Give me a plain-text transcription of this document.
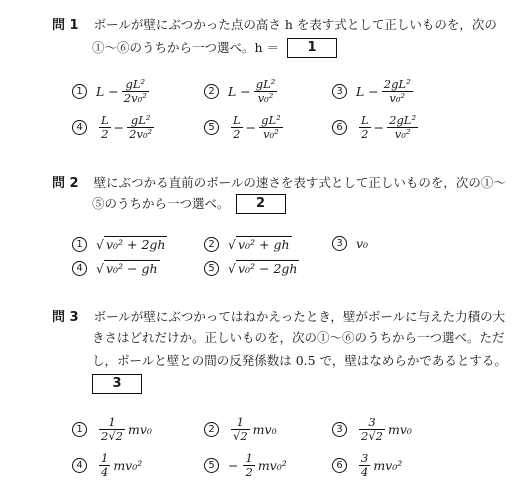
問 1 ボールが壁にぶつかった点の高さ h を表す式として正しいものを，次の
①〜⑥のうちから一つ選べ。h ＝	1
1	$L - \frac{\text{gL²}}{\text{2v₀²}}$	2	$L - \frac{\text{gL²}}{\text{v₀²}}$	3	$L - \frac{\text{2gL²}}{\text{v₀²}}$
4	$\frac{L}{2} - \frac{\text{gL²}}{\text{2v₀²}}$	5	$\frac{L}{2} - \frac{\text{gL²}}{\text{v₀²}}$	6	$\frac{L}{2} - \frac{\text{2gL²}}{\text{v₀²}}$
問 2 壁にぶつかる直前のボールの速さを表す式として正しいものを，次の①〜
⑤のうちから一つ選べ。	2
1	√ v₀² + 2gh	2	√ v₀² + gh	3	v₀
4	√ v₀² − gh	5	√ v₀² − 2gh
問 3 ボールが壁にぶつかってはねかえったとき，壁がボールに与えた力積の大
きさはどれだけか。正しいものを，次の①〜⑥のうちから一つ選べ。ただ
し，ボールと壁との間の反発係数は 0.5 で，壁はなめらかであるとする。
3
1	$\frac{1}{2√2} mv_0$	2	$\frac{1}{√2} mv_0$	3	$\frac{3}{2√2} mv_0$
4	$\frac{1}{4} mv_0^2$	5	− $\frac{1}{2} mv_0^2$	6	$\frac{3}{4} mv_0^2$
